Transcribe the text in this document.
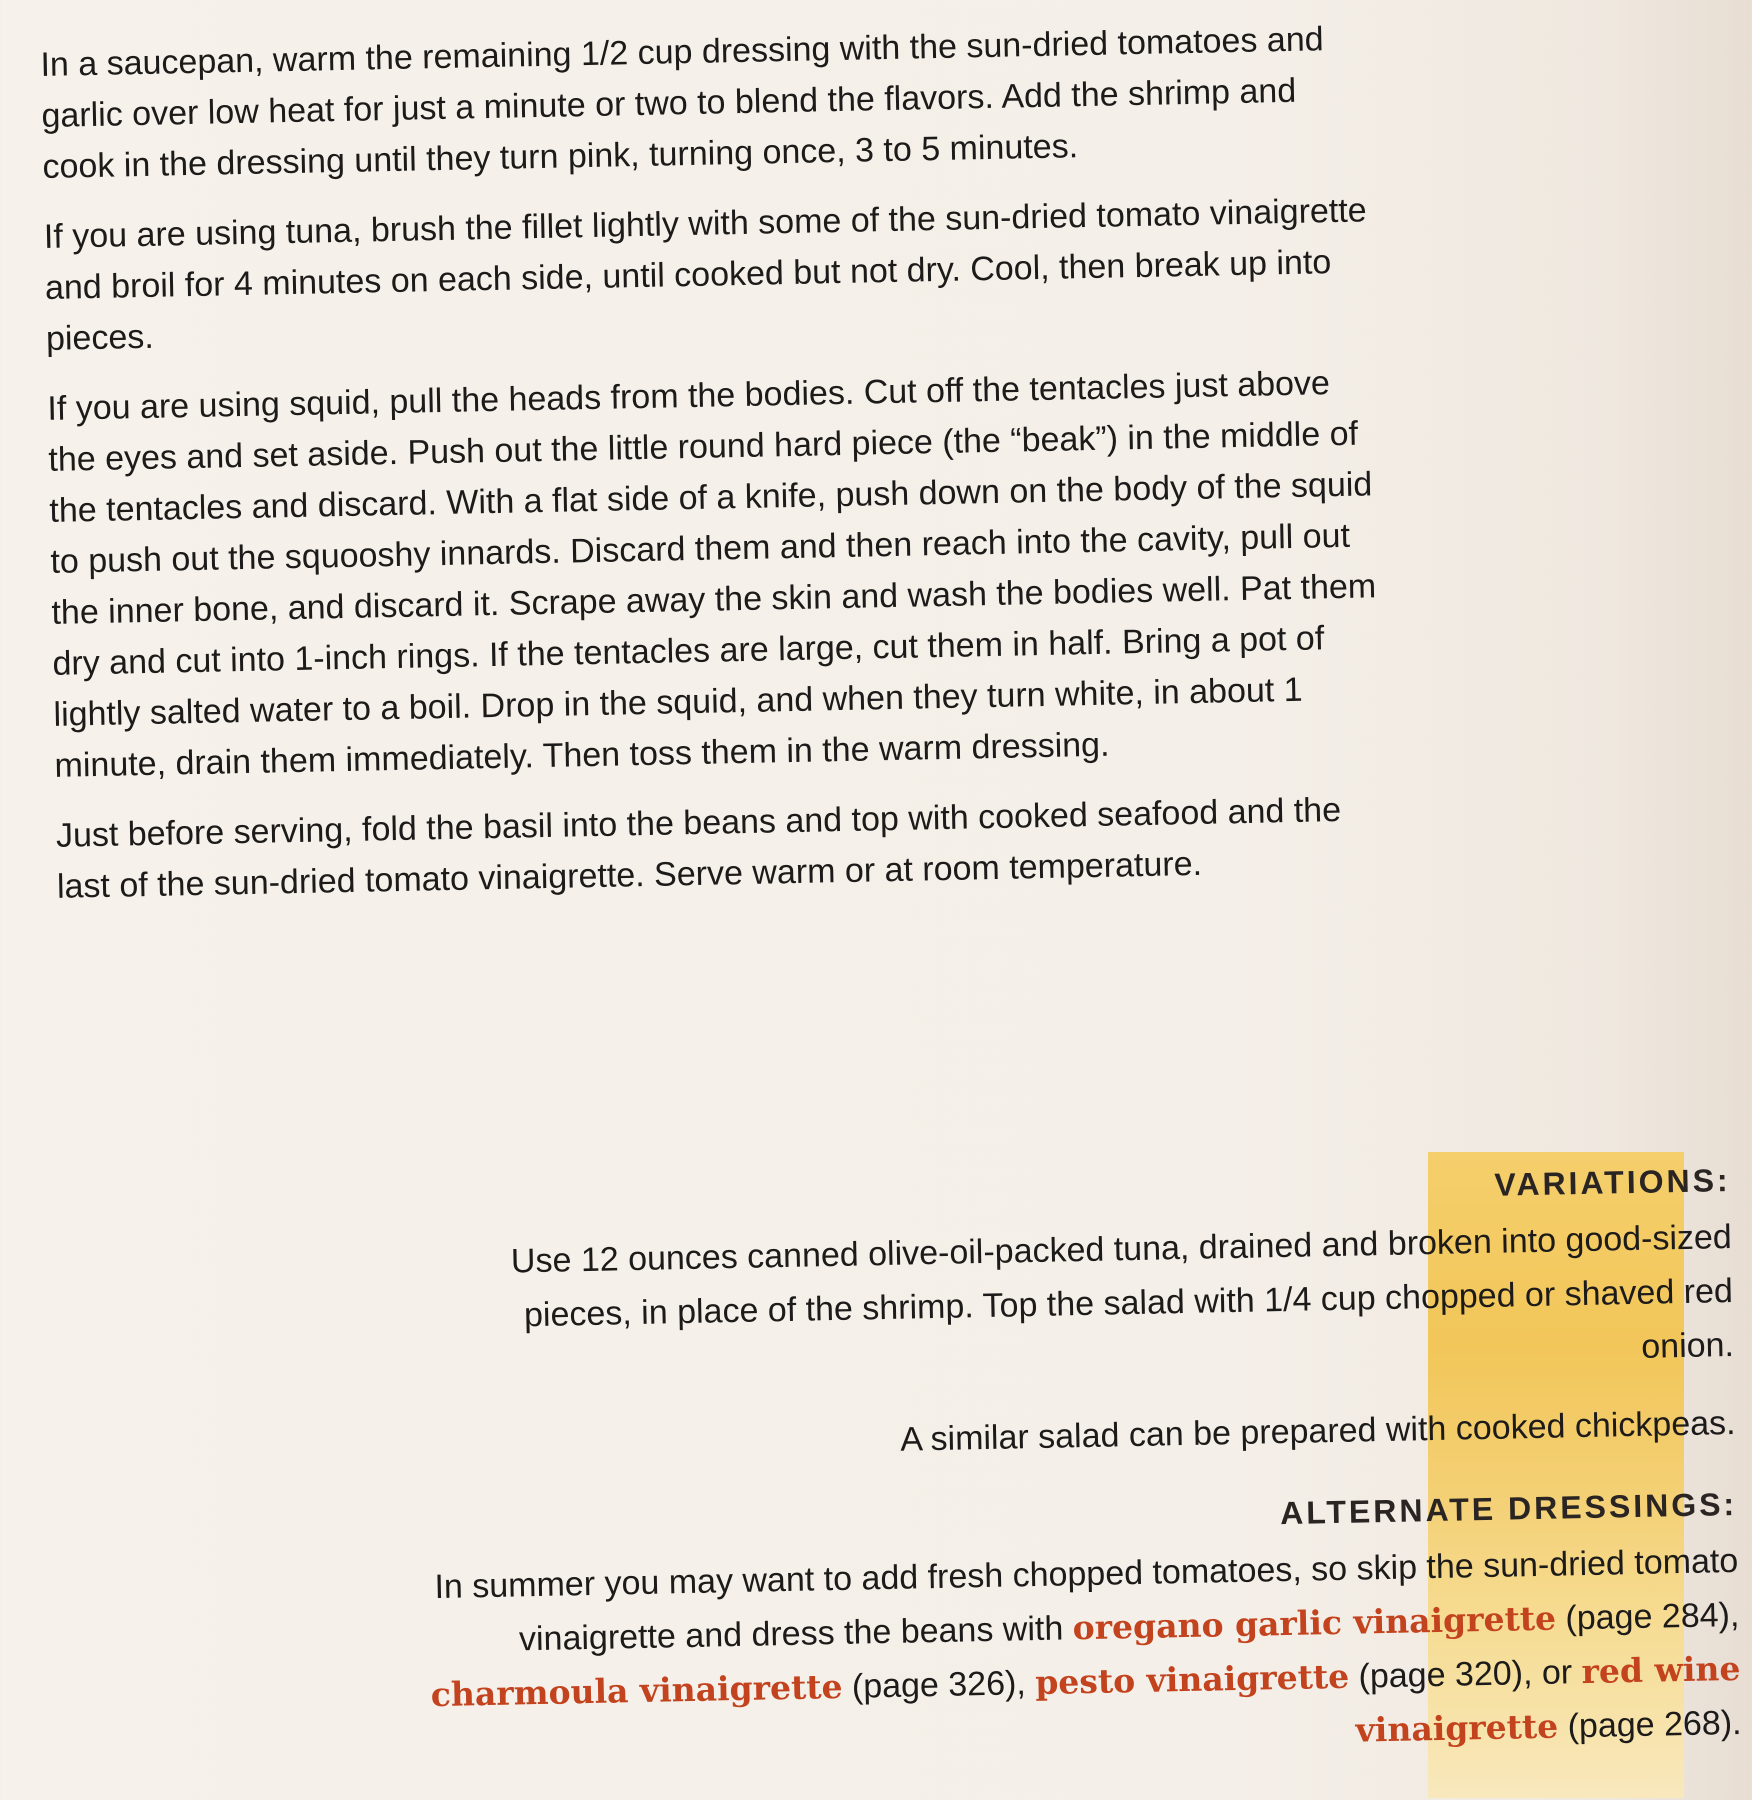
In a saucepan, warm the remaining 1/2 cup dressing with the sun-dried tomatoes and garlic over low heat for just a minute or two to blend the flavors. Add the shrimp and cook in the dressing until they turn pink, turning once, 3 to 5 minutes.

If you are using tuna, brush the fillet lightly with some of the sun-dried tomato vinaigrette and broil for 4 minutes on each side, until cooked but not dry. Cool, then break up into pieces.

If you are using squid, pull the heads from the bodies. Cut off the tentacles just above the eyes and set aside. Push out the little round hard piece (the “beak”) in the middle of the tentacles and discard. With a flat side of a knife, push down on the body of the squid to push out the squooshy innards. Discard them and then reach into the cavity, pull out the inner bone, and discard it. Scrape away the skin and wash the bodies well. Pat them dry and cut into 1-inch rings. If the tentacles are large, cut them in half. Bring a pot of lightly salted water to a boil. Drop in the squid, and when they turn white, in about 1 minute, drain them immediately. Then toss them in the warm dressing.

Just before serving, fold the basil into the beans and top with cooked seafood and the last of the sun-dried tomato vinaigrette. Serve warm or at room temperature.

VARIATIONS:

Use 12 ounces canned olive-oil-packed tuna, drained and broken into good-sized pieces, in place of the shrimp. Top the salad with 1/4 cup chopped or shaved red onion.

A similar salad can be prepared with cooked chickpeas.

ALTERNATE DRESSINGS:

In summer you may want to add fresh chopped tomatoes, so skip the sun-dried tomato vinaigrette and dress the beans with oregano garlic vinaigrette (page 284), charmoula vinaigrette (page 326), pesto vinaigrette (page 320), or red wine vinaigrette (page 268).
